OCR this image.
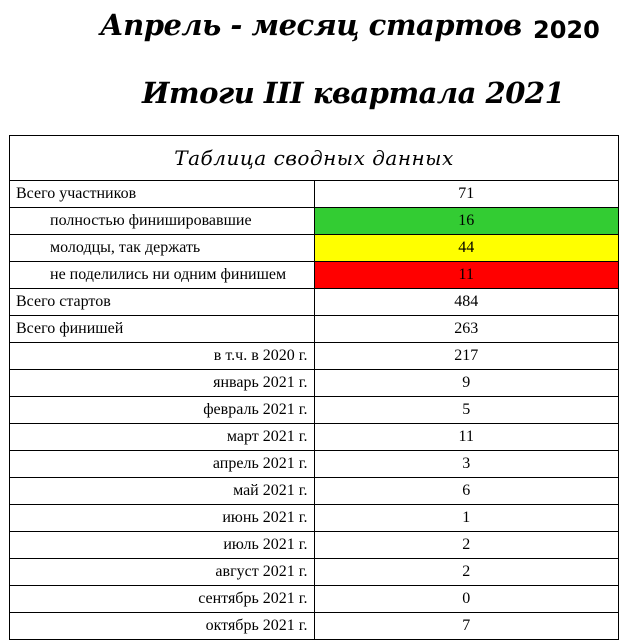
Апрель - месяц стартов 2020
Итоги III квартала 2021
Таблица сводных данных	
Всего участников	71
полностью финишировавшие	16
молодцы, так держать	44
не поделились ни одним финишем	11
Всего стартов	484
Всего финишей	263
в т.ч. в 2020 г.	217
январь 2021 г.	9
февраль 2021 г.	5
март 2021 г.	11
апрель 2021 г.	3
май 2021 г.	6
июнь 2021 г.	1
июль 2021 г.	2
август 2021 г.	2
сентябрь 2021 г.	0
октябрь 2021 г.	7
